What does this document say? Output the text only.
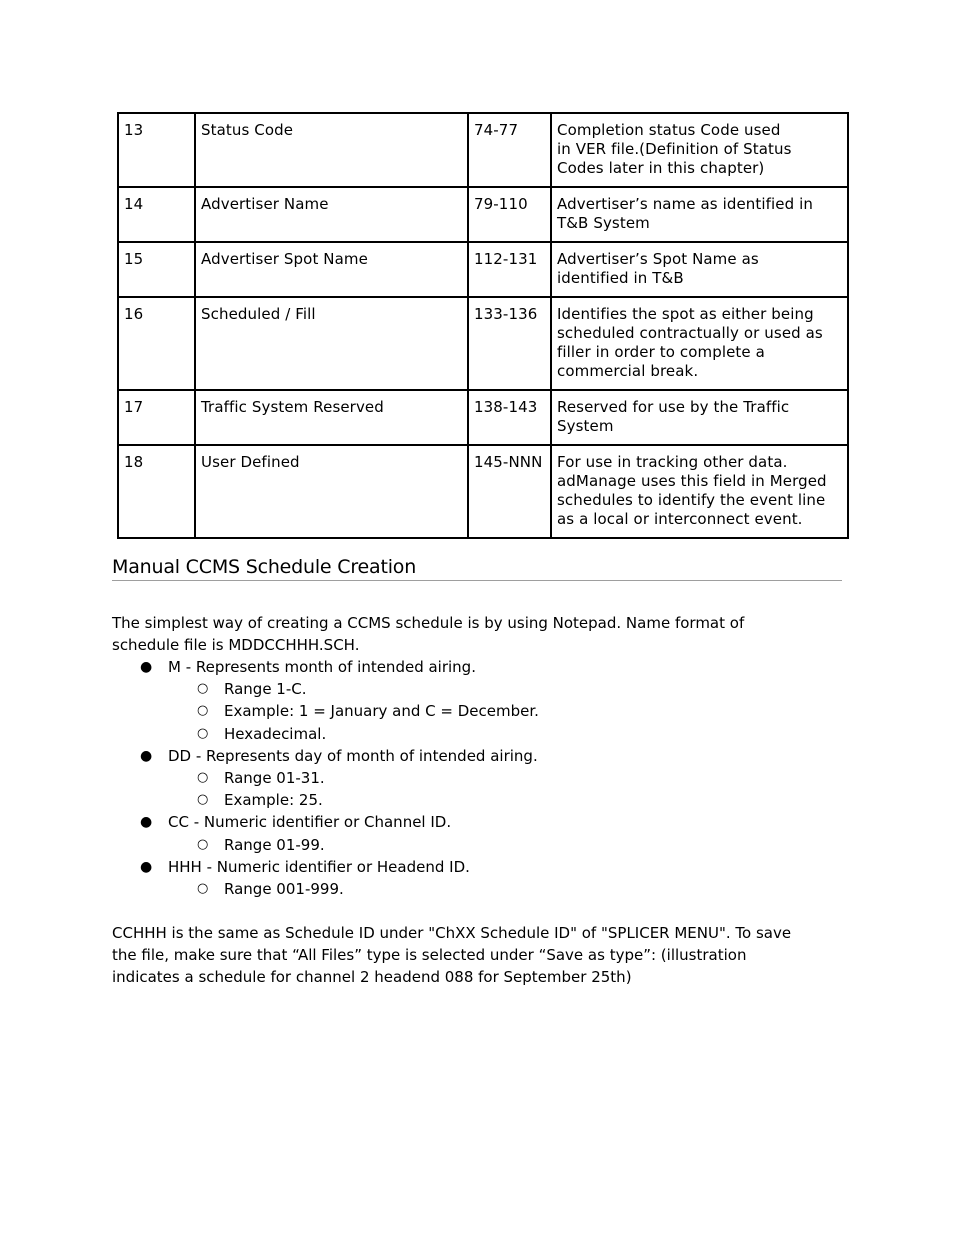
13	Status Code	74-77	Completion status Code used
in VER file.(Definition of Status
Codes later in this chapter)

14	Advertiser Name	79-110	Advertiser’s name as identified in
T&B System

15	Advertiser Spot Name	112-131	Advertiser’s Spot Name as
identified in T&B

16	Scheduled / Fill	133-136	Identifies the spot as either being
scheduled contractually or used as
filler in order to complete a
commercial break.

17	Traffic System Reserved	138-143	Reserved for use by the Traffic
System

18	User Defined	145-NNN	For use in tracking other data.
adManage uses this field in Merged
schedules to identify the event line
as a local or interconnect event.
Manual CCMS Schedule Creation

The simplest way of creating a CCMS schedule is by using Notepad. Name format of
schedule file is MDDCCHHH.SCH.

● M - Represents month of intended airing.
○ Range 1-C.
○ Example: 1 = January and C = December.
○ Hexadecimal.
● DD - Represents day of month of intended airing.
○ Range 01-31.
○ Example: 25.
● CC - Numeric identifier or Channel ID.
○ Range 01-99.
● HHH - Numeric identifier or Headend ID.
○ Range 001-999.

CCHHH is the same as Schedule ID under "ChXX Schedule ID" of "SPLICER MENU". To save
the file, make sure that “All Files” type is selected under “Save as type”: (illustration
indicates a schedule for channel 2 headend 088 for September 25th)
